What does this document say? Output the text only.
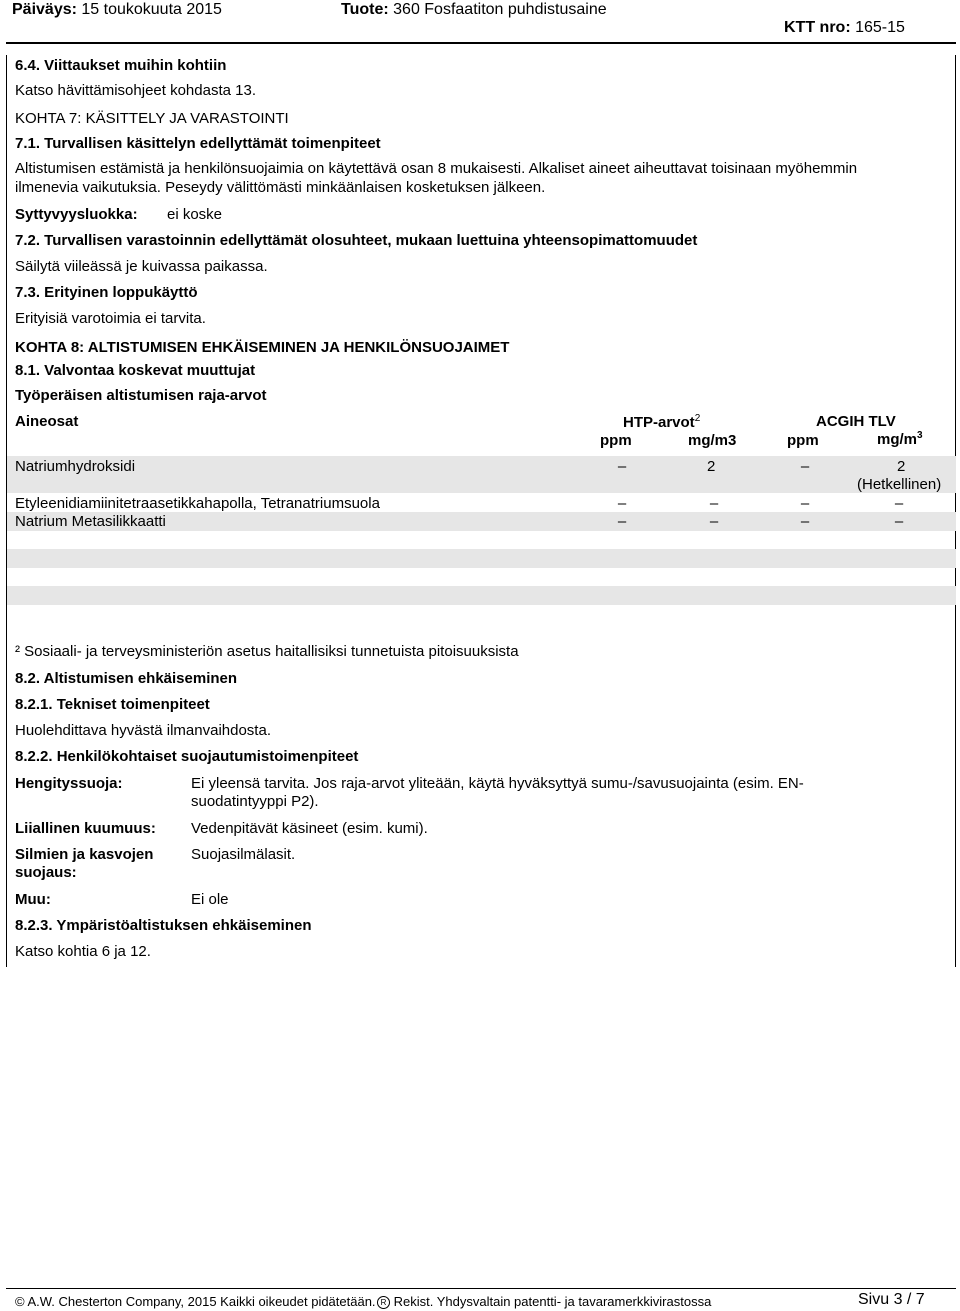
Päiväys: 15 toukokuuta 2015	Tuote: 360 Fosfaatiton puhdistusaine
KTT nro: 165-15
6.4. Viittaukset muihin kohtiin
Katso hävittämisohjeet kohdasta 13.
KOHTA 7: KÄSITTELY JA VARASTOINTI
7.1. Turvallisen käsittelyn edellyttämät toimenpiteet
Altistumisen estämistä ja henkilönsuojaimia on käytettävä osan 8 mukaisesti. Alkaliset aineet aiheuttavat toisinaan myöhemmin
ilmenevia vaikutuksia. Peseydy välittömästi minkäänlaisen kosketuksen jälkeen.
Syttyvyysluokka: ei koske
7.2. Turvallisen varastoinnin edellyttämät olosuhteet, mukaan luettuina yhteensopimattomuudet
Säilytä viileässä je kuivassa paikassa.
7.3. Erityinen loppukäyttö
Erityisiä varotoimia ei tarvita.
KOHTA 8: ALTISTUMISEN EHKÄISEMINEN JA HENKILÖNSUOJAIMET
8.1. Valvontaa koskevat muuttujat
Työperäisen altistumisen raja-arvot
Aineosat	HTP-arvot$^2$	ACGIH TLV
ppm	mg/m3	ppm	$mg/m^3$
Natriumhydroksidi	–	2	–	2
(Hetkellinen)
Etyleenidiamiinitetraasetikkahapolla, Tetranatriumsuola	–	–	–	–
Natrium Metasilikkaatti	–	–	–	–
² Sosiaali- ja terveysministeriön asetus haitallisiksi tunnetuista pitoisuuksista
8.2. Altistumisen ehkäiseminen
8.2.1. Tekniset toimenpiteet
Huolehdittava hyvästä ilmanvaihdosta.
8.2.2. Henkilökohtaiset suojautumistoimenpiteet
Hengityssuoja:	Ei yleensä tarvita. Jos raja-arvot yliteään, käytä hyväksyttyä sumu-/savusuojainta (esim. EN-
suodatintyyppi P2).
Liiallinen kuumuus: Vedenpitävät käsineet (esim. kumi).
Silmien ja kasvojen
suojaus:
Suojasilmälasit.
Muu:	Ei ole
8.2.3. Ympäristöaltistuksen ehkäiseminen
Katso kohtia 6 ja 12.
© A.W. Chesterton Company, 2015 Kaikki oikeudet pidätetään. R Rekist. Yhdysvaltain patentti- ja tavaramerkkivirastossa	Sivu 3 / 7
